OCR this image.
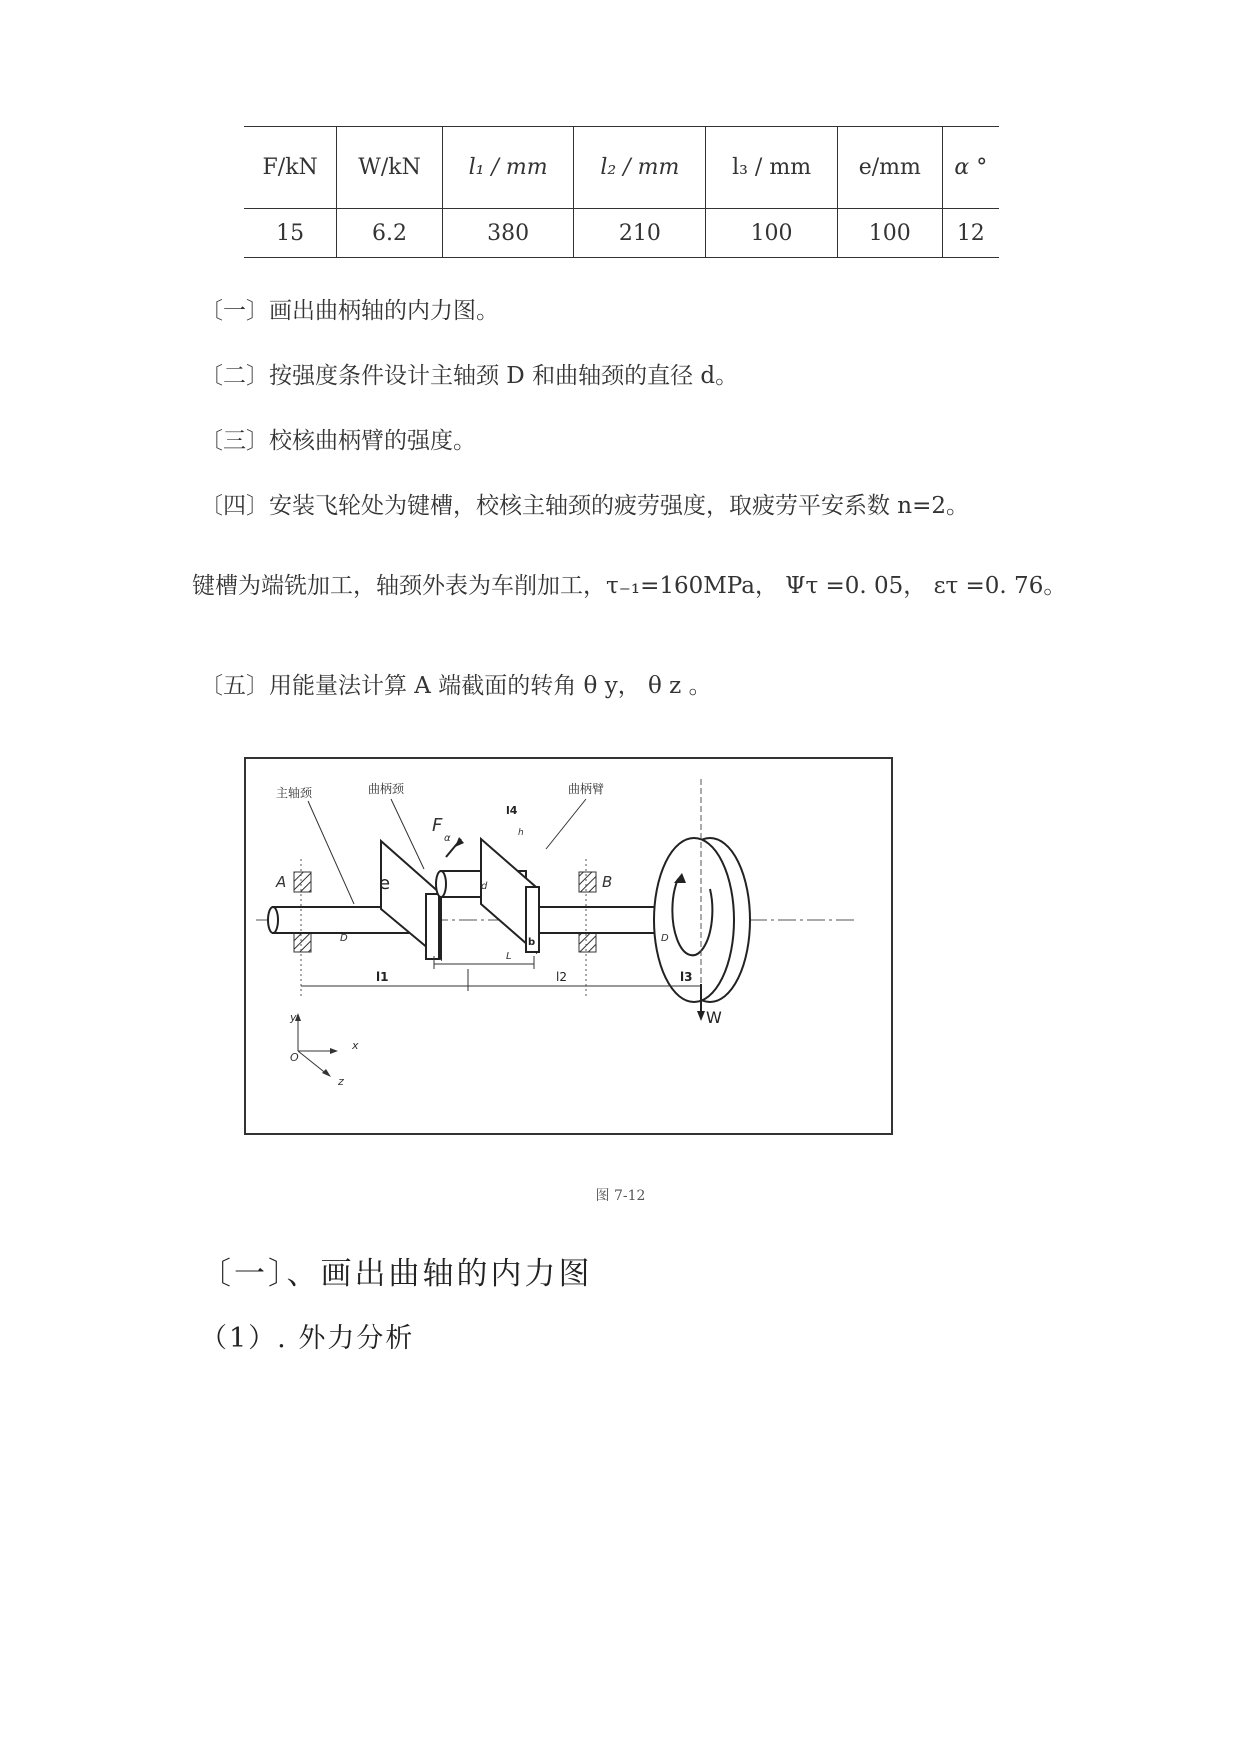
F/kN	W/kN	l₁ / mm	l₂ / mm	l₃ / mm	e/mm	α °
15	6.2	380	210	100	100	12
〔一〕画出曲柄轴的内力图。
〔二〕按强度条件设计主轴颈 D 和曲轴颈的直径 d。
〔三〕校核曲柄臂的强度。
〔四〕安装飞轮处为键槽，校核主轴颈的疲劳强度，取疲劳平安系数 n=2。
键槽为端铣加工，轴颈外表为车削加工，τ₋₁=160MPa， Ψτ =0. 05， ετ =0. 76。
〔五〕用能量法计算 A 端截面的转角 θ y， θ z 。
主轴颈	曲柄颈	曲柄臂
A	B
F
α
e	d
D	D
L
b
h
l1	l2	l3
l4
W
y
x
z
O
图 7-12
〔一〕、画出曲轴的内力图
（1）. 外力分析
